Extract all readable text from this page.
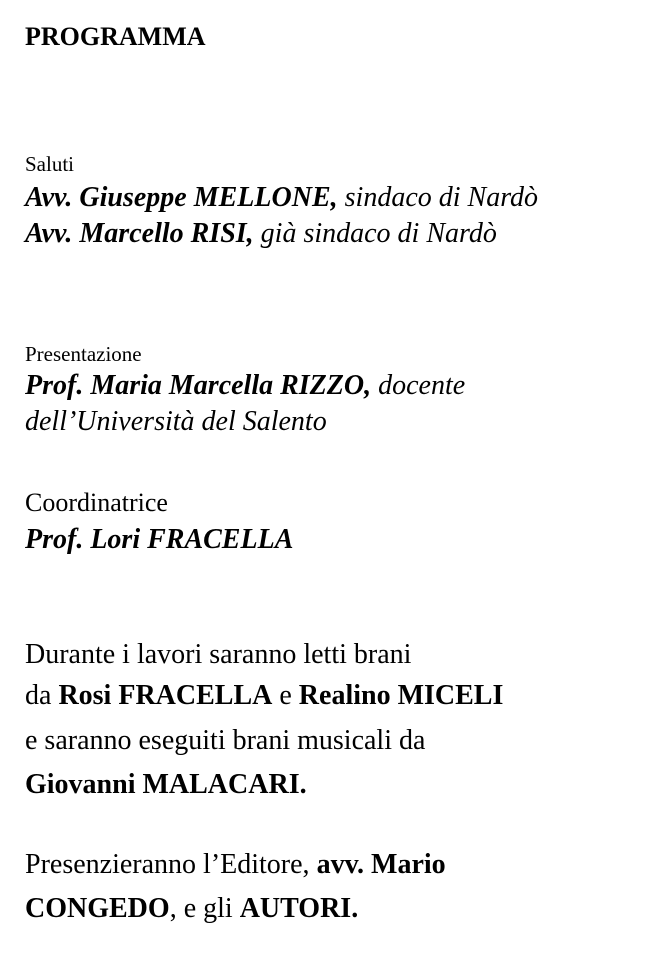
PROGRAMMA
Saluti
Avv. Giuseppe MELLONE, sindaco di Nardò
Avv. Marcello RISI, già sindaco di Nardò
Presentazione
Prof. Maria Marcella RIZZO, docente
dell’Università del Salento
Coordinatrice
Prof. Lori FRACELLA
Durante i lavori saranno letti brani
da Rosi FRACELLA e Realino MICELI
e saranno eseguiti brani musicali da
Giovanni MALACARI.
Presenzieranno l’Editore, avv. Mario
CONGEDO, e gli AUTORI.
